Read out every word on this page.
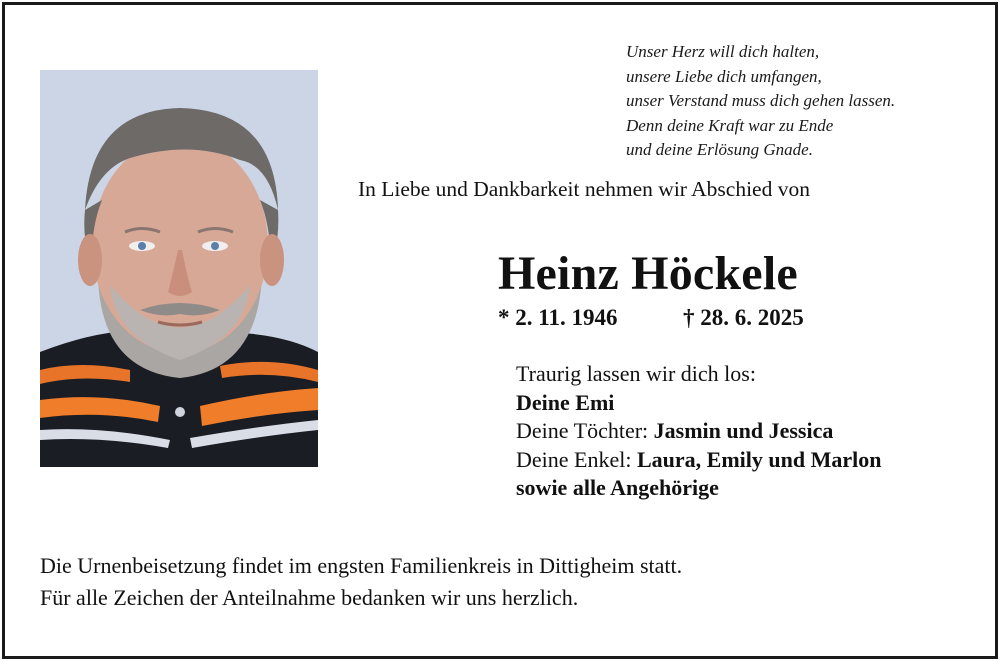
Unser Herz will dich halten,
unsere Liebe dich umfangen,
unser Verstand muss dich gehen lassen.
Denn deine Kraft war zu Ende
und deine Erlösung Gnade.
In Liebe und Dankbarkeit nehmen wir Abschied von
Heinz Höckele
* 2. 11. 1946	† 28. 6. 2025
Traurig lassen wir dich los:
Deine Emi
Deine Töchter: Jasmin und Jessica
Deine Enkel: Laura, Emily und Marlon
sowie alle Angehörige
Die Urnenbeisetzung findet im engsten Familienkreis in Dittigheim statt.
Für alle Zeichen der Anteilnahme bedanken wir uns herzlich.
